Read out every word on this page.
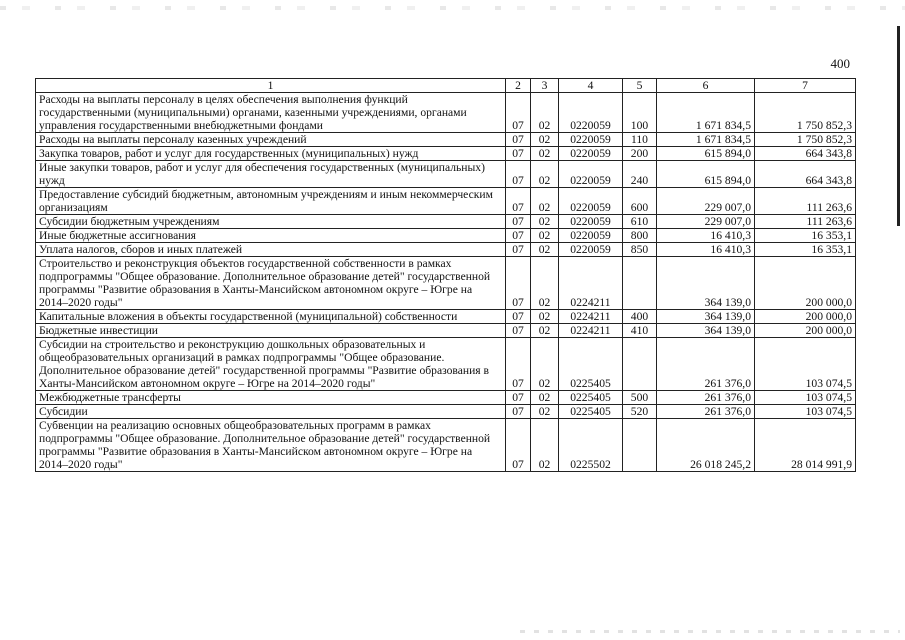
400
1	2	3	4	5	6	7
Расходы на выплаты персоналу в целях обеспечения выполнения функций государственными (муниципальными) органами, казенными учреждениями, органами управления государственными внебюджетными фондами	07	02	0220059	100	1 671 834,5	1 750 852,3
Расходы на выплаты персоналу казенных учреждений	07	02	0220059	110	1 671 834,5	1 750 852,3
Закупка товаров, работ и услуг для государственных (муниципальных) нужд	07	02	0220059	200	615 894,0	664 343,8
Иные закупки товаров, работ и услуг для обеспечения государственных (муниципальных) нужд	07	02	0220059	240	615 894,0	664 343,8
Предоставление субсидий бюджетным, автономным учреждениям и иным некоммерческим организациям	07	02	0220059	600	229 007,0	111 263,6
Субсидии бюджетным учреждениям	07	02	0220059	610	229 007,0	111 263,6
Иные бюджетные ассигнования	07	02	0220059	800	16 410,3	16 353,1
Уплата налогов, сборов и иных платежей	07	02	0220059	850	16 410,3	16 353,1
Строительство и реконструкция объектов государственной собственности в рамках подпрограммы "Общее образование. Дополнительное образование детей" государственной программы "Развитие образования в Ханты-Мансийском автономном округе – Югре на 2014–2020 годы"	07	02	0224211		364 139,0	200 000,0
Капитальные вложения в объекты государственной (муниципальной) собственности	07	02	0224211	400	364 139,0	200 000,0
Бюджетные инвестиции	07	02	0224211	410	364 139,0	200 000,0
Субсидии на строительство и реконструкцию дошкольных образовательных и общеобразовательных организаций в рамках подпрограммы "Общее образование. Дополнительное образование детей" государственной программы "Развитие образования в Ханты-Мансийском автономном округе – Югре на 2014–2020 годы"	07	02	0225405		261 376,0	103 074,5
Межбюджетные трансферты	07	02	0225405	500	261 376,0	103 074,5
Субсидии	07	02	0225405	520	261 376,0	103 074,5
Субвенции на реализацию основных общеобразовательных программ в рамках подпрограммы "Общее образование. Дополнительное образование детей" государственной программы "Развитие образования в Ханты-Мансийском автономном округе – Югре на 2014–2020 годы"	07	02	0225502		26 018 245,2	28 014 991,9
